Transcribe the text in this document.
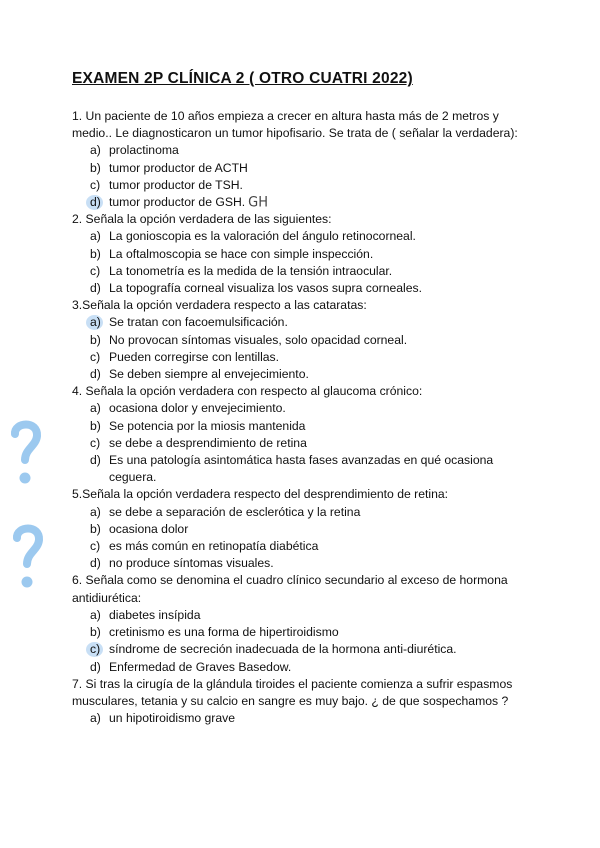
EXAMEN 2P CLÍNICA 2 ( OTRO CUATRI 2022)

1. Un paciente de 10 años empieza a crecer en altura hasta más de 2 metros y medio.. Le diagnosticaron un tumor hipofisario. Se trata de ( señalar la verdadera):

a) prolactinoma
b) tumor productor de ACTH
c) tumor productor de TSH.
d) tumor productor de GSH. GH

2. Señala la opción verdadera de las siguientes:

a) La gonioscopia es la valoración del ángulo retinocorneal.
b) La oftalmoscopia se hace con simple inspección.
c) La tonometría es la medida de la tensión intraocular.
d) La topografía corneal visualiza los vasos supra corneales.

3.Señala la opción verdadera respecto a las cataratas:

a) Se tratan con facoemulsificación.
b) No provocan síntomas visuales, solo opacidad corneal.
c) Pueden corregirse con lentillas.
d) Se deben siempre al envejecimiento.

4. Señala la opción verdadera con respecto al glaucoma crónico:

a) ocasiona dolor y envejecimiento.
b) Se potencia por la miosis mantenida
c) se debe a desprendimiento de retina
d) Es una patología asintomática hasta fases avanzadas en qué ocasiona ceguera.

5.Señala la opción verdadera respecto del desprendimiento de retina:

a) se debe a separación de esclerótica y la retina
b) ocasiona dolor
c) es más común en retinopatía diabética
d) no produce síntomas visuales.

6. Señala como se denomina el cuadro clínico secundario al exceso de hormona antidiurética:

a) diabetes insípida
b) cretinismo es una forma de hipertiroidismo
c) síndrome de secreción inadecuada de la hormona anti-diurética.
d) Enfermedad de Graves Basedow.

7. Si tras la cirugía de la glándula tiroides el paciente comienza a sufrir espasmos musculares, tetania y su calcio en sangre es muy bajo. ¿ de que sospechamos ?

a) un hipotiroidismo grave
